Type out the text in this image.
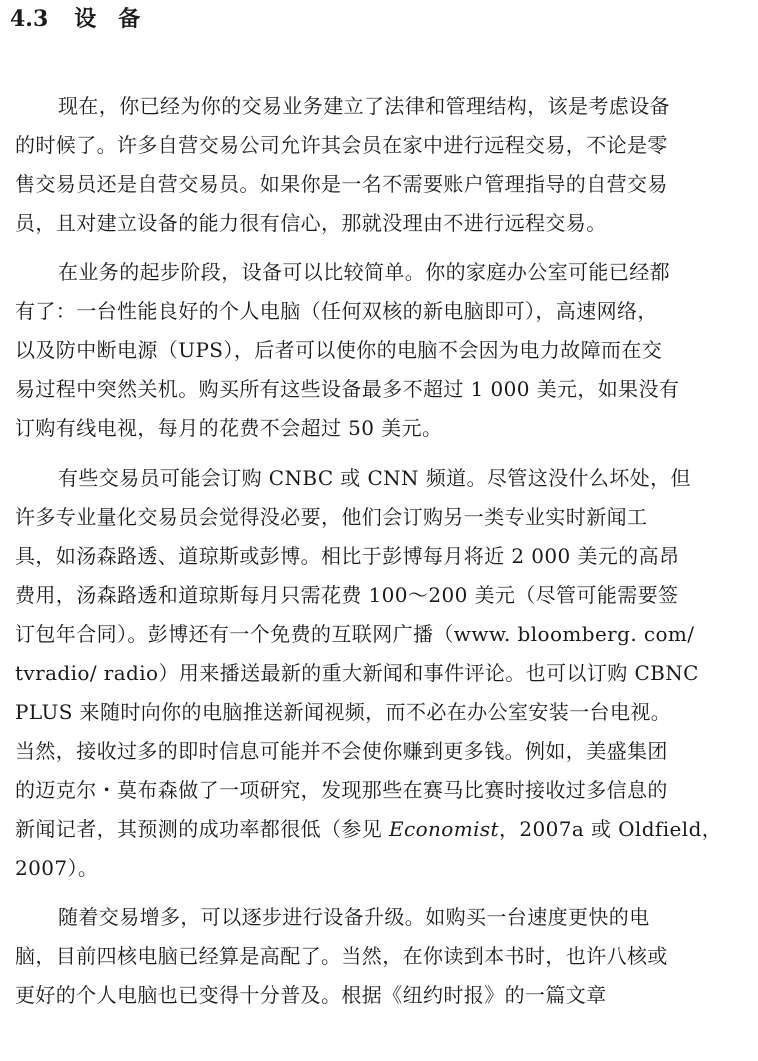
4.3 设备
现在，你已经为你的交易业务建立了法律和管理结构，该是考虑设备
的时候了。许多自营交易公司允许其会员在家中进行远程交易，不论是零
售交易员还是自营交易员。如果你是一名不需要账户管理指导的自营交易
员，且对建立设备的能力很有信心，那就没理由不进行远程交易。
在业务的起步阶段，设备可以比较简单。你的家庭办公室可能已经都
有了：一台性能良好的个人电脑（任何双核的新电脑即可），高速网络，
以及防中断电源（UPS），后者可以使你的电脑不会因为电力故障而在交
易过程中突然关机。购买所有这些设备最多不超过 1 000 美元，如果没有
订购有线电视，每月的花费不会超过 50 美元。
有些交易员可能会订购 CNBC 或 CNN 频道。尽管这没什么坏处，但
许多专业量化交易员会觉得没必要，他们会订购另一类专业实时新闻工
具，如汤森路透、道琼斯或彭博。相比于彭博每月将近 2 000 美元的高昂
费用，汤森路透和道琼斯每月只需花费 100～200 美元（尽管可能需要签
订包年合同）。彭博还有一个免费的互联网广播（www. bloomberg. com/
tvradio/ radio）用来播送最新的重大新闻和事件评论。也可以订购 CBNC
PLUS 来随时向你的电脑推送新闻视频，而不必在办公室安装一台电视。
当然，接收过多的即时信息可能并不会使你赚到更多钱。例如，美盛集团
的迈克尔・莫布森做了一项研究，发现那些在赛马比赛时接收过多信息的
新闻记者，其预测的成功率都很低（参见 Economist，2007a 或 Oldfield，
2007）。
随着交易增多，可以逐步进行设备升级。如购买一台速度更快的电
脑，目前四核电脑已经算是高配了。当然，在你读到本书时，也许八核或
更好的个人电脑也已变得十分普及。根据《纽约时报》的一篇文章
